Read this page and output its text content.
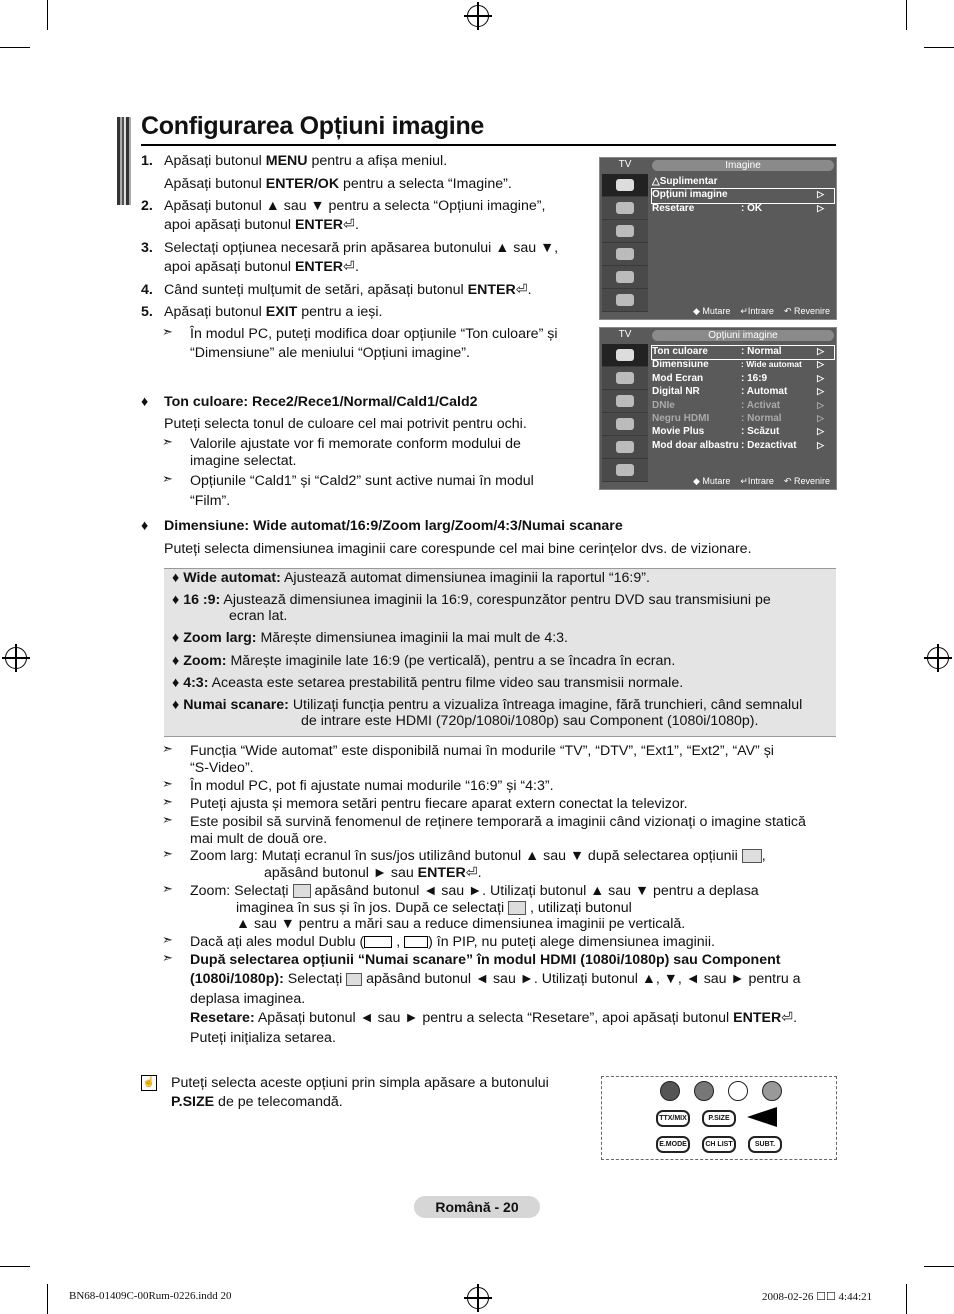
Configurarea Opțiuni imagine
1. Apăsați butonul MENU pentru a afișa meniul.
Apăsați butonul ENTER/OK pentru a selecta “Imagine”.
2. Apăsați butonul ▲ sau ▼ pentru a selecta “Opțiuni imagine”,
apoi apăsați butonul ENTER⏎.
3. Selectați opțiunea necesară prin apăsarea butonului ▲ sau ▼,
apoi apăsați butonul ENTER⏎.
4. Când sunteți mulțumit de setări, apăsați butonul ENTER⏎.
5. Apăsați butonul EXIT pentru a ieși.
➣ În modul PC, puteți modifica doar opțiunile “Ton culoare” și
“Dimensiune” ale meniului “Opțiuni imagine”.
♦ Ton culoare: Rece2/Rece1/Normal/Cald1/Cald2
Puteți selecta tonul de culoare cel mai potrivit pentru ochi.
➣ Valorile ajustate vor fi memorate conform modului de
imagine selectat.
➣ Opțiunile “Cald1” și “Cald2” sunt active numai în modul
“Film”.
TV	Imagine
△Suplimentar
Opțiuni imagine	▷
Resetare	: OK	▷
◆ Mutare ↵Intrare ↶ Revenire
TV	Opțiuni imagine
Ton culoare	: Normal	▷
Dimensiune	: Wide automat ▷
Mod Ecran	: 16:9	▷
Digital NR	: Automat	▷
DNIe	: Activat	▷
Negru HDMI	: Normal	▷
Movie Plus	: Scăzut	▷
Mod doar albastru : Dezactivat ▷
◆ Mutare ↵Intrare ↶ Revenire
♦ Dimensiune: Wide automat/16:9/Zoom larg/Zoom/4:3/Numai scanare
Puteți selecta dimensiunea imaginii care corespunde cel mai bine cerințelor dvs. de vizionare.
♦ Wide automat: Ajustează automat dimensiunea imaginii la raportul “16:9”.
♦ 16 :9: Ajustează dimensiunea imaginii la 16:9, corespunzător pentru DVD sau transmisiuni pe
ecran lat.
♦ Zoom larg: Mărește dimensiunea imaginii la mai mult de 4:3.
♦ Zoom: Mărește imaginile late 16:9 (pe verticală), pentru a se încadra în ecran.
♦ 4:3: Aceasta este setarea prestabilită pentru filme video sau transmisii normale.
♦ Numai scanare: Utilizați funcția pentru a vizualiza întreaga imagine, fără trunchieri, când semnalul
de intrare este HDMI (720p/1080i/1080p) sau Component (1080i/1080p).
➣ Funcția “Wide automat” este disponibilă numai în modurile “TV”, “DTV”, “Ext1”, “Ext2”, “AV” și
“S-Video”.
➣ În modul PC, pot fi ajustate numai modurile “16:9” și “4:3”.
➣ Puteți ajusta și memora setări pentru fiecare aparat extern conectat la televizor.
➣ Este posibil să survină fenomenul de reținere temporară a imaginii când vizionați o imagine statică
mai mult de două ore.
➣ Zoom larg: Mutați ecranul în sus/jos utilizând butonul ▲ sau ▼ după selectarea opțiunii ,
apăsând butonul ► sau ENTER⏎.
➣ Zoom: Selectați  apăsând butonul ◄ sau ►. Utilizați butonul ▲ sau ▼ pentru a deplasa
imaginea în sus și în jos. După ce selectați  , utilizați butonul
▲ sau ▼ pentru a mări sau a reduce dimensiunea imaginii pe verticală.
➣ Dacă ați ales modul Dublu ( , ) în PIP, nu puteți alege dimensiunea imaginii.
➣ După selectarea opțiunii “Numai scanare” în modul HDMI (1080i/1080p) sau Component
(1080i/1080p): Selectați  apăsând butonul ◄ sau ►. Utilizați butonul ▲, ▼, ◄ sau ► pentru a
deplasa imaginea.
Resetare: Apăsați butonul ◄ sau ► pentru a selecta “Resetare”, apoi apăsați butonul ENTER⏎.
Puteți inițializa setarea.
☝ Puteți selecta aceste opțiuni prin simpla apăsare a butonului
P.SIZE de pe telecomandă.
TTX/MIX	P.SIZE
E.MODE	CH LIST	SUBT.
Română - 20
BN68-01409C-00Rum-0226.indd 20	2008-02-26 ☐☐ 4:44:21
